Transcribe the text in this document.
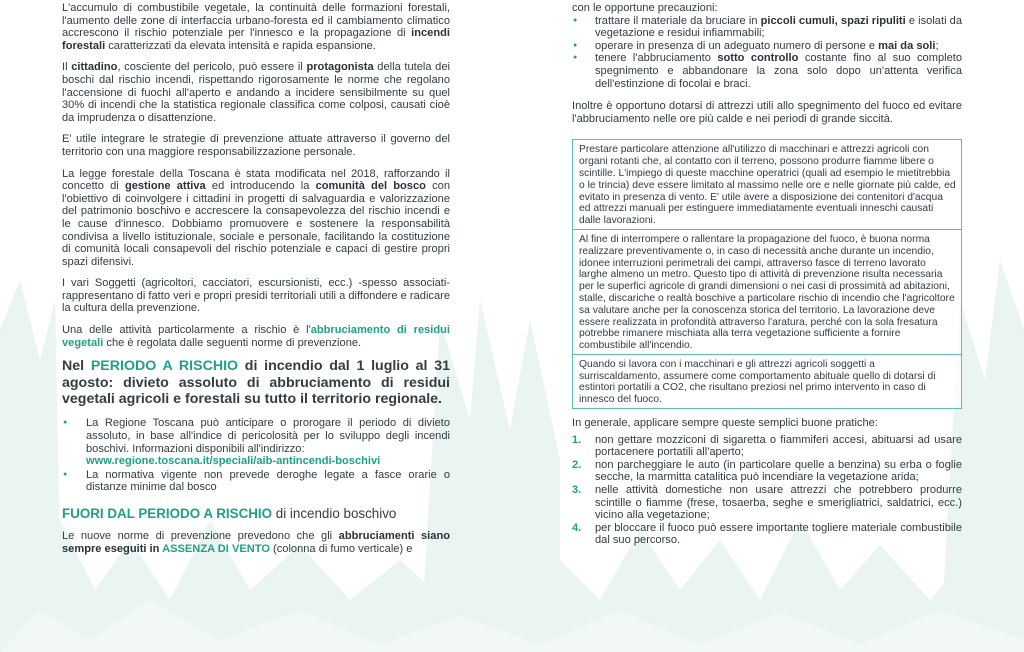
L'accumulo di combustibile vegetale, la continuità delle formazioni forestali, l'aumento delle zone di interfaccia urbano-foresta ed il cambiamento climatico accrescono il rischio potenziale per l'innesco e la propagazione di incendi forestali caratterizzati da elevata intensità e rapida espansione.

Il cittadino, cosciente del pericolo, può essere il protagonista della tutela dei boschi dal rischio incendi, rispettando rigorosamente le norme che regolano l'accensione di fuochi all'aperto e andando a incidere sensibilmente su quel 30% di incendi che la statistica regionale classifica come colposi, causati cioè da imprudenza o disattenzione.

E' utile integrare le strategie di prevenzione attuate attraverso il governo del territorio con una maggiore responsabilizzazione personale.

La legge forestale della Toscana è stata modificata nel 2018, rafforzando il concetto di gestione attiva ed introducendo la comunità del bosco con l'obiettivo di coinvolgere i cittadini in progetti di salvaguardia e valorizzazione del patrimonio boschivo e accrescere la consapevolezza del rischio incendi e le cause d'innesco. Dobbiamo promuovere e sostenere la responsabilità condivisa a livello istituzionale, sociale e personale, facilitando la costituzione di comunità locali consapevoli del rischio potenziale e capaci di gestire propri spazi difensivi.

I vari Soggetti (agricoltori, cacciatori, escursionisti, ecc.) -spesso associati- rappresentano di fatto veri e propri presidi territoriali utili a diffondere e radicare la cultura della prevenzione.

Una delle attività particolarmente a rischio è l'abbruciamento di residui vegetali che è regolata dalle seguenti norme di prevenzione.

Nel PERIODO A RISCHIO di incendio dal 1 luglio al 31 agosto: divieto assoluto di abbruciamento di residui vegetali agricoli e forestali su tutto il territorio regionale.
● La Regione Toscana può anticipare o prorogare il periodo di divieto assoluto, in base all'indice di pericolosità per lo sviluppo degli incendi boschivi. Informazioni disponibili all'indirizzo:
www.regione.toscana.it/speciali/aib-antincendi-boschivi
● La normativa vigente non prevede deroghe legate a fasce orarie o distanze minime dal bosco
FUORI DAL PERIODO A RISCHIO di incendio boschivo

Le nuove norme di prevenzione prevedono che gli abbruciamenti siano sempre eseguiti in ASSENZA DI VENTO (colonna di fumo verticale) e

con le opportune precauzioni:
● trattare il materiale da bruciare in piccoli cumuli, spazi ripuliti e isolati da vegetazione e residui infiammabili;
● operare in presenza di un adeguato numero di persone e mai da soli;
● tenere l'abbruciamento sotto controllo costante fino al suo completo spegnimento e abbandonare la zona solo dopo un'attenta verifica dell'estinzione di focolai e braci.

Inoltre è opportuno dotarsi di attrezzi utili allo spegnimento del fuoco ed evitare l'abbruciamento nelle ore più calde e nei periodi di grande siccità.

Prestare particolare attenzione all'utilizzo di macchinari e attrezzi agricoli con organi rotanti che, al contatto con il terreno, possono produrre fiamme libere o scintille. L'impiego di queste macchine operatrici (quali ad esempio le mietitrebbia o le trincia) deve essere limitato al massimo nelle ore e nelle giornate più calde, ed evitato in presenza di vento. E' utile avere a disposizione dei contenitori d'acqua ed attrezzi manuali per estinguere immediatamente eventuali inneschi causati dalle lavorazioni.
Al fine di interrompere o rallentare la propagazione del fuoco, è buona norma realizzare preventivamente o, in caso di necessità anche durante un incendio, idonee interruzioni perimetrali dei campi, attraverso fasce di terreno lavorato larghe almeno un metro. Questo tipo di attività di prevenzione risulta necessaria per le superfici agricole di grandi dimensioni o nei casi di prossimità ad abitazioni, stalle, discariche o realtà boschive a particolare rischio di incendio che l'agricoltore sa valutare anche per la conoscenza storica del territorio. La lavorazione deve essere realizzata in profondità attraverso l'aratura, perché con la sola fresatura potrebbe rimanere mischiata alla terra vegetazione sufficiente a fornire combustibile all'incendio.
Quando si lavora con i macchinari e gli attrezzi agricoli soggetti a surriscaldamento, assumere come comportamento abituale quello di dotarsi di estintori portatili a CO2, che risultano preziosi nel primo intervento in caso di innesco del fuoco.
In generale, applicare sempre queste semplici buone pratiche:
1. non gettare mozziconi di sigaretta o fiammiferi accesi, abituarsi ad usare portacenere portatili all'aperto;
2. non parcheggiare le auto (in particolare quelle a benzina) su erba o foglie secche, la marmitta catalitica può incendiare la vegetazione arida;
3. nelle attività domestiche non usare attrezzi che potrebbero produrre scintille o fiamme (frese, tosaerba, seghe e smerigliatrici, saldatrici, ecc.) vicino alla vegetazione;
4. per bloccare il fuoco può essere importante togliere materiale combustibile dal suo percorso.
